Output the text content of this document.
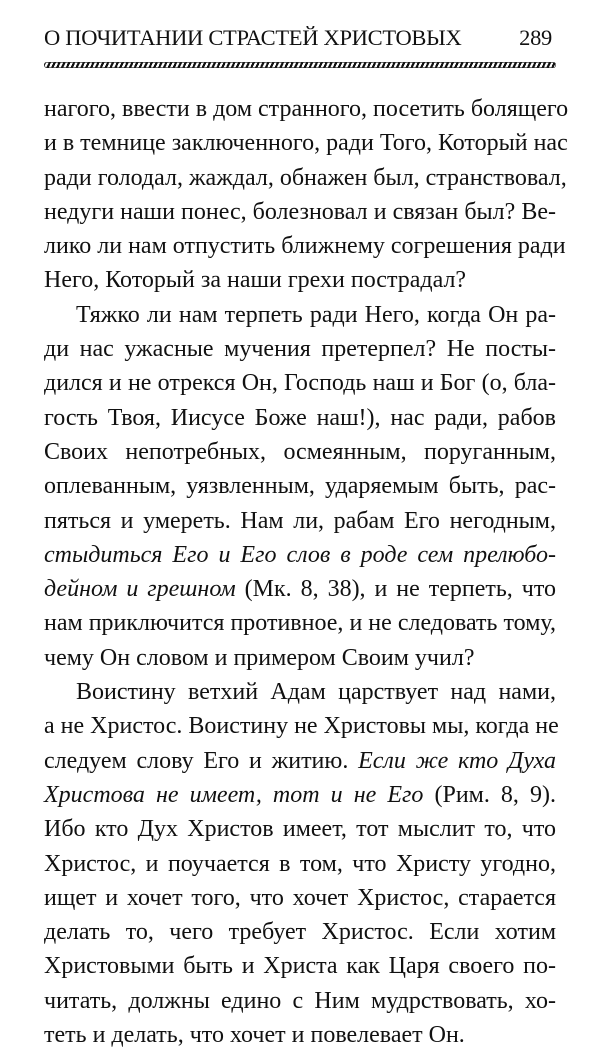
О ПОЧИТАНИИ СТРАСТЕЙ ХРИСТОВЫХ	289
нагого, ввести в дом странного, посетить болящего
и в темнице заключенного, ради Того, Который нас
ради голодал, жаждал, обнажен был, странствовал,
недуги наши понес, болезновал и связан был? Ве-
лико ли нам отпустить ближнему согрешения ради
Него, Который за наши грехи пострадал?
Тяжко ли нам терпеть ради Него, когда Он ра-
ди нас ужасные мучения претерпел? Не посты-
дился и не отрекся Он, Господь наш и Бог (о, бла-
гость Твоя, Иисусе Боже наш!), нас ради, рабов
Своих непотребных, осмеянным, поруганным,
оплеванным, уязвленным, ударяемым быть, рас-
пяться и умереть. Нам ли, рабам Его негодным,
стыдиться Его и Его слов в роде сем прелюбо-
дейном и грешном (Мк. 8, 38), и не терпеть, что
нам приключится противное, и не следовать тому,
чему Он словом и примером Своим учил?
Воистину ветхий Адам царствует над нами,
а не Христос. Воистину не Христовы мы, когда не
следуем слову Его и житию. Если же кто Духа
Христова не имеет, тот и не Его (Рим. 8, 9).
Ибо кто Дух Христов имеет, тот мыслит то, что
Христос, и поучается в том, что Христу угодно,
ищет и хочет того, что хочет Христос, старается
делать то, чего требует Христос. Если хотим
Христовыми быть и Христа как Царя своего по-
читать, должны едино с Ним мудрствовать, хо-
теть и делать, что хочет и повелевает Он.
